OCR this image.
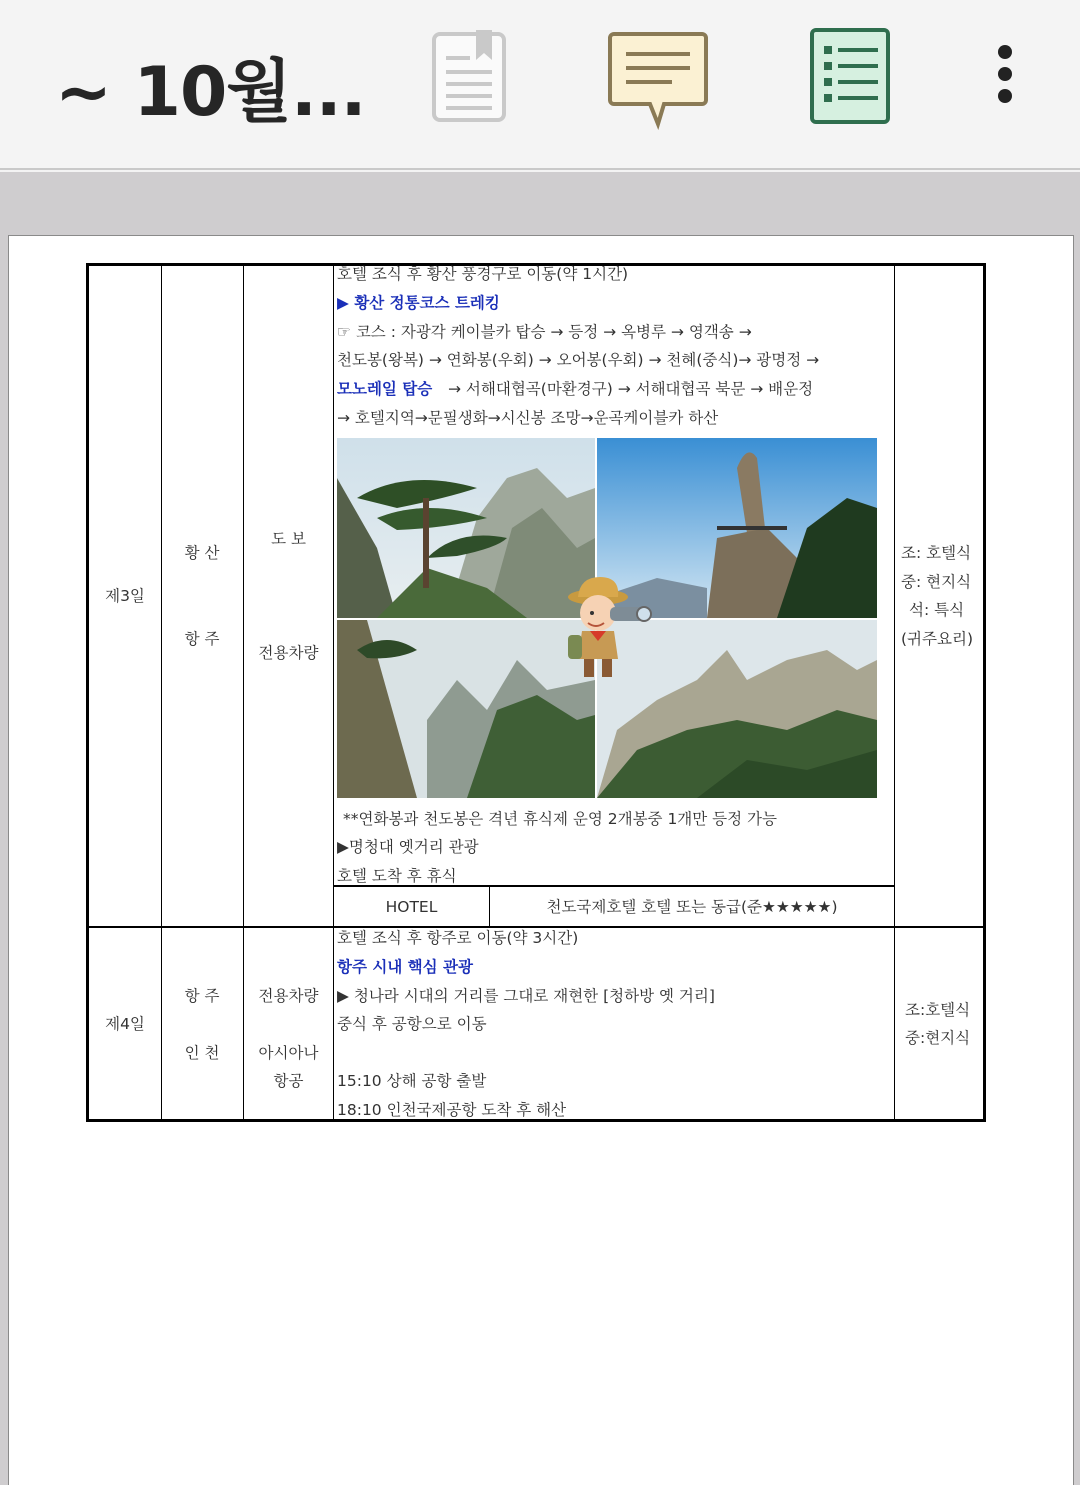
~ 10월...
제3일
황 산
항 주
도 보
전용차량
호텔 조식 후 황산 풍경구로 이동(약 1시간)
▶ 황산 정통코스 트레킹
☞ 코스 : 자광각 케이블카 탑승 → 등정 → 옥병루 → 영객송 →
천도봉(왕복) → 연화봉(우회) → 오어봉(우회) → 천혜(중식)→ 광명정 →
모노레일 탑승 → 서해대협곡(마환경구) → 서해대협곡 북문 → 배운정
→ 호텔지역→문필생화→시신봉 조망→운곡케이블카 하산
**연화봉과 천도봉은 격년 휴식제 운영 2개봉중 1개만 등정 가능
▶명청대 옛거리 관광
호텔 도착 후 휴식
HOTEL	천도국제호텔 호텔 또는 동급(준★★★★★)
조: 호텔식
중: 현지식
석: 특식
(귀주요리)
제4일
항 주
인 천
전용차량
아시아나
항공
호텔 조식 후 항주로 이동(약 3시간)
항주 시내 핵심 관광
▶ 청나라 시대의 거리를 그대로 재현한 [청하방 옛 거리]
중식 후 공항으로 이동
15:10 상해 공항 출발
18:10 인천국제공항 도착 후 해산
조:호텔식
중:현지식
